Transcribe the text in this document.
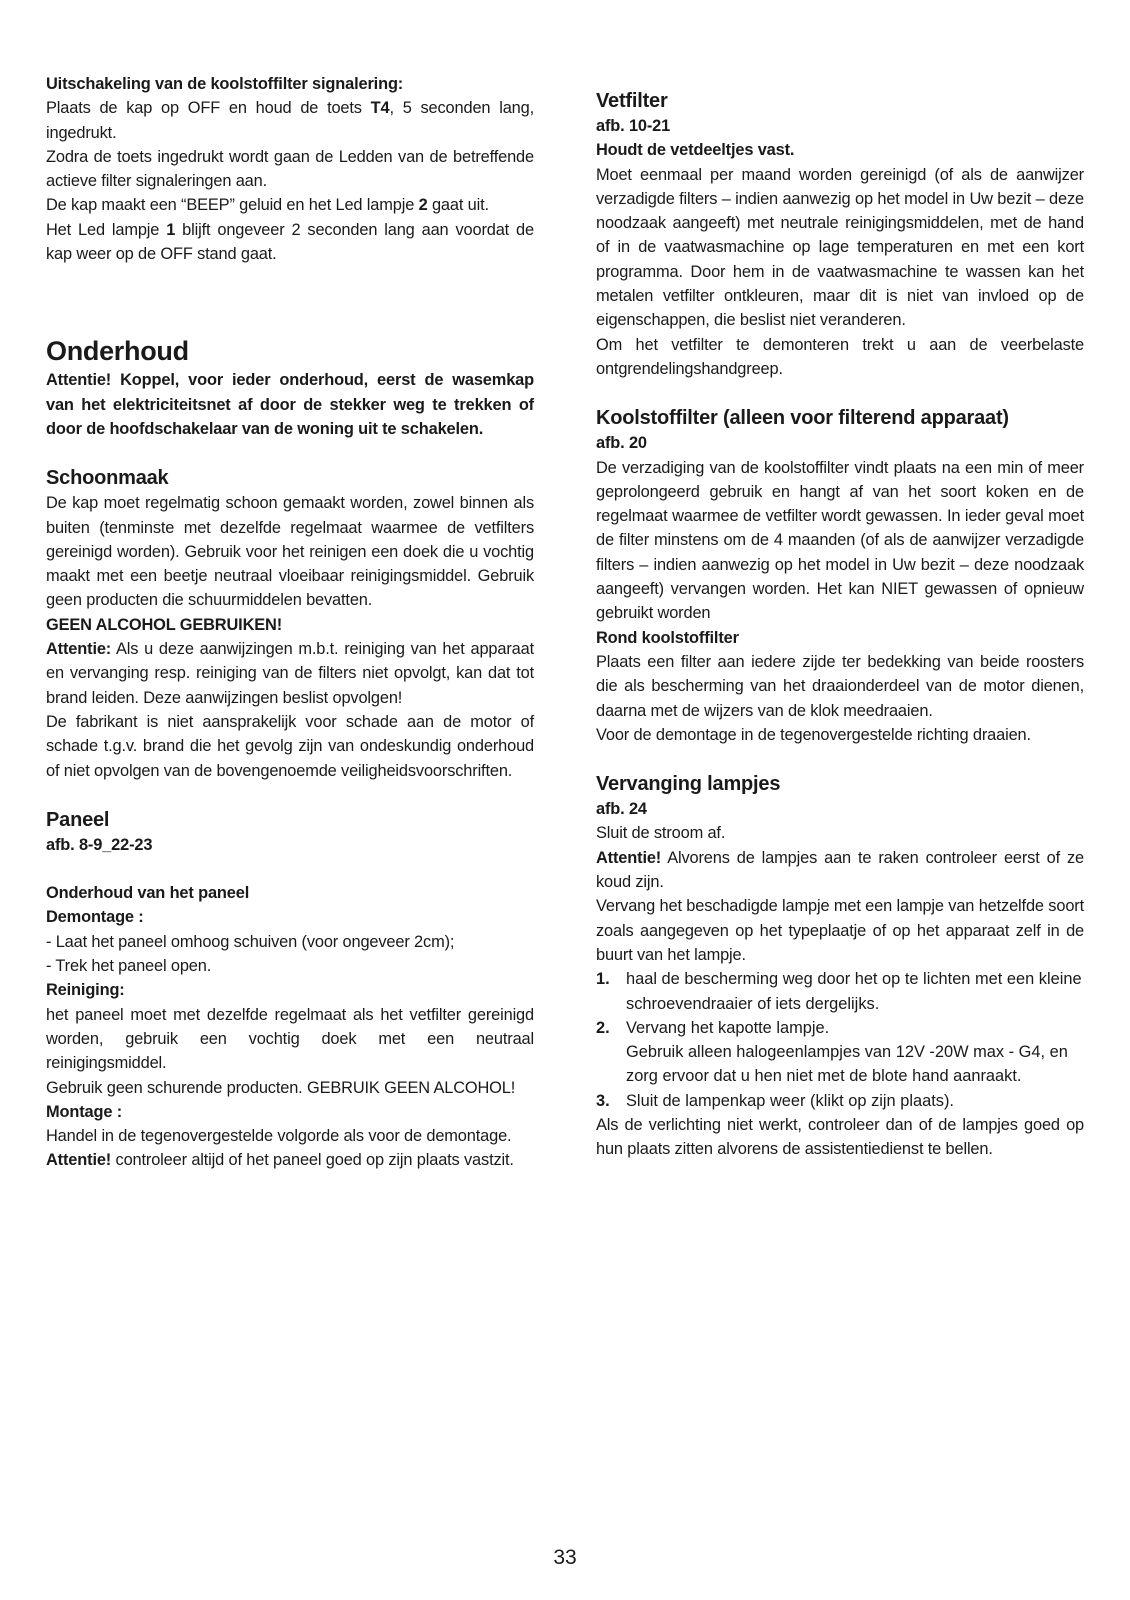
Uitschakeling van de koolstoffilter signalering:

Plaats de kap op OFF en houd de toets T4, 5 seconden lang, ingedrukt.

Zodra de toets ingedrukt wordt gaan de Ledden van de betreffende actieve filter signaleringen aan.

De kap maakt een “BEEP” geluid en het Led lampje 2 gaat uit.

Het Led lampje 1 blijft ongeveer 2 seconden lang aan voordat de kap weer op de OFF stand gaat.

Onderhoud

Attentie! Koppel, voor ieder onderhoud, eerst de wasemkap van het elektriciteitsnet af door de stekker weg te trekken of door de hoofdschakelaar van de woning uit te schakelen.

Schoonmaak

De kap moet regelmatig schoon gemaakt worden, zowel binnen als buiten (tenminste met dezelfde regelmaat waarmee de vetfilters gereinigd worden). Gebruik voor het reinigen een doek die u vochtig maakt met een beetje neutraal vloeibaar reinigingsmiddel. Gebruik geen producten die schuurmiddelen bevatten.

GEEN ALCOHOL GEBRUIKEN!

Attentie: Als u deze aanwijzingen m.b.t. reiniging van het apparaat en vervanging resp. reiniging van de filters niet opvolgt, kan dat tot brand leiden. Deze aanwijzingen beslist opvolgen!

De fabrikant is niet aansprakelijk voor schade aan de motor of schade t.g.v. brand die het gevolg zijn van ondeskundig onderhoud of niet opvolgen van de bovengenoemde veiligheidsvoorschriften.

Paneel

afb. 8-9_22-23

Onderhoud van het paneel

Demontage :

- Laat het paneel omhoog schuiven (voor ongeveer 2cm);

- Trek het paneel open.

Reiniging:

het paneel moet met dezelfde regelmaat als het vetfilter gereinigd worden, gebruik een vochtig doek met een neutraal reinigingsmiddel.

Gebruik geen schurende producten. GEBRUIK GEEN ALCOHOL!

Montage :

Handel in de tegenovergestelde volgorde als voor de demontage.

Attentie! controleer altijd of het paneel goed op zijn plaats vastzit.

Vetfilter

afb. 10-21

Houdt de vetdeeltjes vast.

Moet eenmaal per maand worden gereinigd (of als de aanwijzer verzadigde filters – indien aanwezig op het model in Uw bezit – deze noodzaak aangeeft) met neutrale reinigingsmiddelen, met de hand of in de vaatwasmachine op lage temperaturen en met een kort programma. Door hem in de vaatwasmachine te wassen kan het metalen vetfilter ontkleuren, maar dit is niet van invloed op de eigenschappen, die beslist niet veranderen.

Om het vetfilter te demonteren trekt u aan de veerbelaste ontgrendelingshandgreep.

Koolstoffilter (alleen voor filterend apparaat)

afb. 20

De verzadiging van de koolstoffilter vindt plaats na een min of meer geprolongeerd gebruik en hangt af van het soort koken en de regelmaat waarmee de vetfilter wordt gewassen. In ieder geval moet de filter minstens om de 4 maanden (of als de aanwijzer verzadigde filters – indien aanwezig op het model in Uw bezit – deze noodzaak aangeeft) vervangen worden. Het kan NIET gewassen of opnieuw gebruikt worden

Rond koolstoffilter

Plaats een filter aan iedere zijde ter bedekking van beide roosters die als bescherming van het draaionderdeel van de motor dienen, daarna met de wijzers van de klok meedraaien.

Voor de demontage in de tegenovergestelde richting draaien.

Vervanging lampjes

afb. 24

Sluit de stroom af.

Attentie! Alvorens de lampjes aan te raken controleer eerst of ze koud zijn.

Vervang het beschadigde lampje met een lampje van hetzelfde soort zoals aangegeven op het typeplaatje of op het apparaat zelf in de buurt van het lampje.

1. haal de bescherming weg door het op te lichten met een kleine schroevendraaier of iets dergelijks.
2. Vervang het kapotte lampje.
Gebruik alleen halogeenlampjes van 12V -20W max - G4, en zorg ervoor dat u hen niet met de blote hand aanraakt.
3. Sluit de lampenkap weer (klikt op zijn plaats).

Als de verlichting niet werkt, controleer dan of de lampjes goed op hun plaats zitten alvorens de assistentiedienst te bellen.

33
